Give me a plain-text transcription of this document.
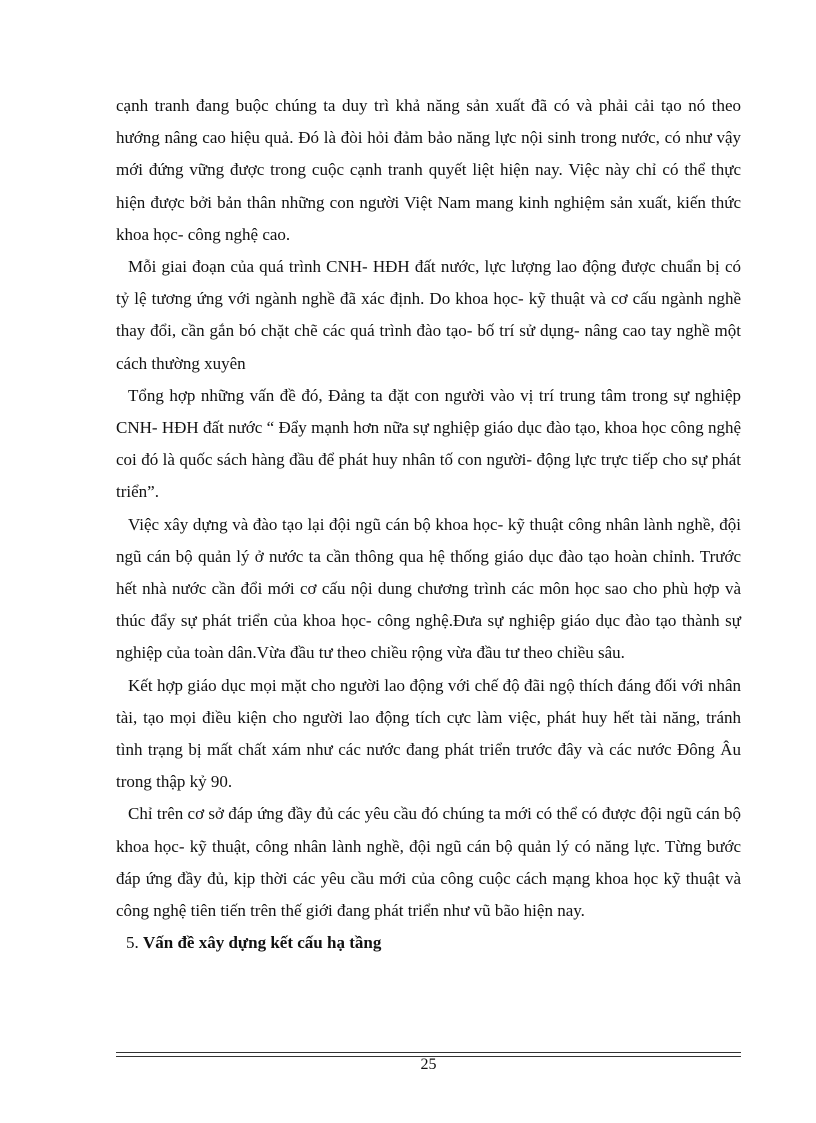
cạnh tranh đang buộc chúng ta duy trì khả năng sản xuất đã có và phải cải tạo nó theo hướng nâng cao hiệu quả. Đó là đòi hỏi đảm bảo năng lực nội sinh trong nước, có như vậy mới đứng vững được trong cuộc cạnh tranh quyết liệt hiện nay. Việc này chỉ có thể thực hiện được bởi bản thân những con người Việt Nam mang kinh nghiệm sản xuất, kiến thức khoa học- công nghệ cao.

Mỗi giai đoạn của quá trình CNH- HĐH đất nước, lực lượng lao động được chuẩn bị có tỷ lệ tương ứng với ngành nghề đã xác định. Do khoa học- kỹ thuật và cơ cấu ngành nghề thay đổi, cần gắn bó chặt chẽ các quá trình đào tạo- bố trí sử dụng- nâng cao tay nghề một cách thường xuyên

Tổng hợp những vấn đề đó, Đảng ta đặt con người vào vị trí trung tâm trong sự nghiệp CNH- HĐH đất nước “ Đẩy mạnh hơn nữa sự nghiệp giáo dục đào tạo, khoa học công nghệ coi đó là quốc sách hàng đầu để phát huy nhân tố con người- động lực trực tiếp cho sự phát triển”.

Việc xây dựng và đào tạo lại đội ngũ cán bộ khoa học- kỹ thuật công nhân lành nghề, đội ngũ cán bộ quản lý ở nước ta cần thông qua hệ thống giáo dục đào tạo hoàn chỉnh. Trước hết nhà nước cần đổi mới cơ cấu nội dung chương trình các môn học sao cho phù hợp và thúc đẩy sự phát triển của khoa học- công nghệ.Đưa sự nghiệp giáo dục đào tạo thành sự nghiệp của toàn dân.Vừa đầu tư theo chiều rộng vừa đầu tư theo chiều sâu.

Kết hợp giáo dục mọi mặt cho người lao động với chế độ đãi ngộ thích đáng đối với nhân tài, tạo mọi điều kiện cho người lao động tích cực làm việc, phát huy hết tài năng, tránh tình trạng bị mất chất xám như các nước đang phát triển trước đây và các nước Đông Âu trong thập kỷ 90.

Chỉ trên cơ sở đáp ứng đầy đủ các yêu cầu đó chúng ta mới có thể có được đội ngũ cán bộ khoa học- kỹ thuật, công nhân lành nghề, đội ngũ cán bộ quản lý có năng lực. Từng bước đáp ứng đầy đủ, kịp thời các yêu cầu mới của công cuộc cách mạng khoa học kỹ thuật và công nghệ tiên tiến trên thế giới đang phát triển như vũ bão hiện nay.

5. Vấn đề xây dựng kết cấu hạ tầng

25
